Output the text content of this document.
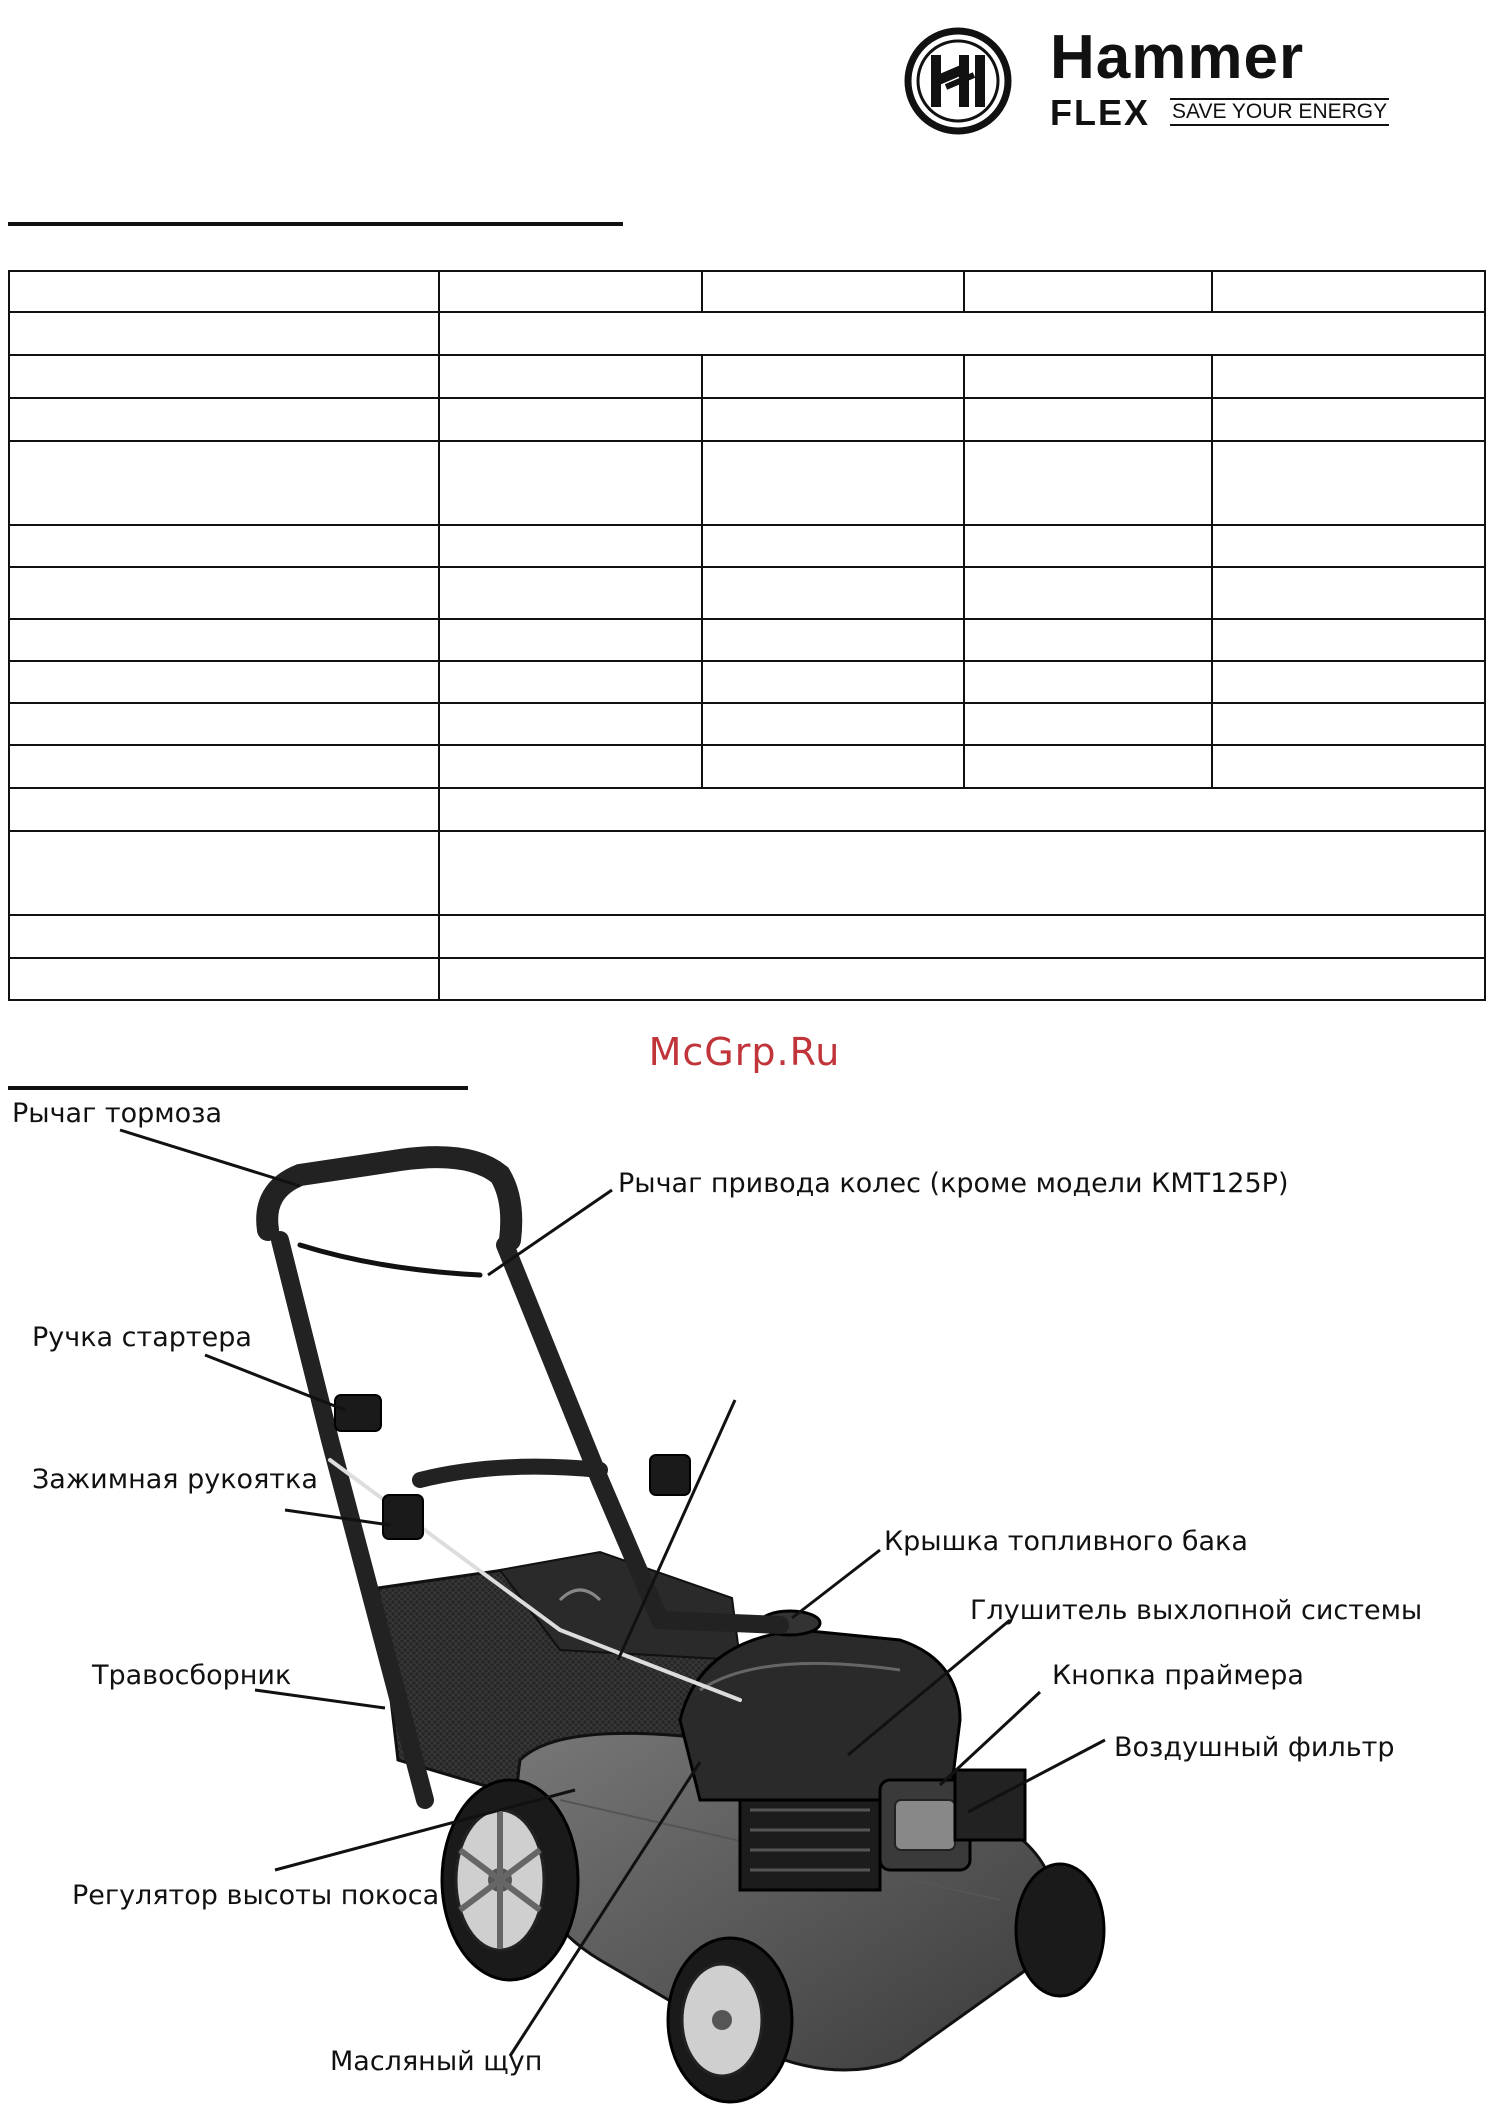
Hammer
FLEX SAVE YOUR ENERGY

McGrp.Ru
Рычаг тормоза
Рычаг привода колес (кроме модели КМТ125Р)
Ручка стартера
Зажимная рукоятка
Крышка топливного бака
Глушитель выхлопной системы
Кнопка праймера
Травосборник
Воздушный фильтр
Регулятор высоты покоса
Масляный щуп
